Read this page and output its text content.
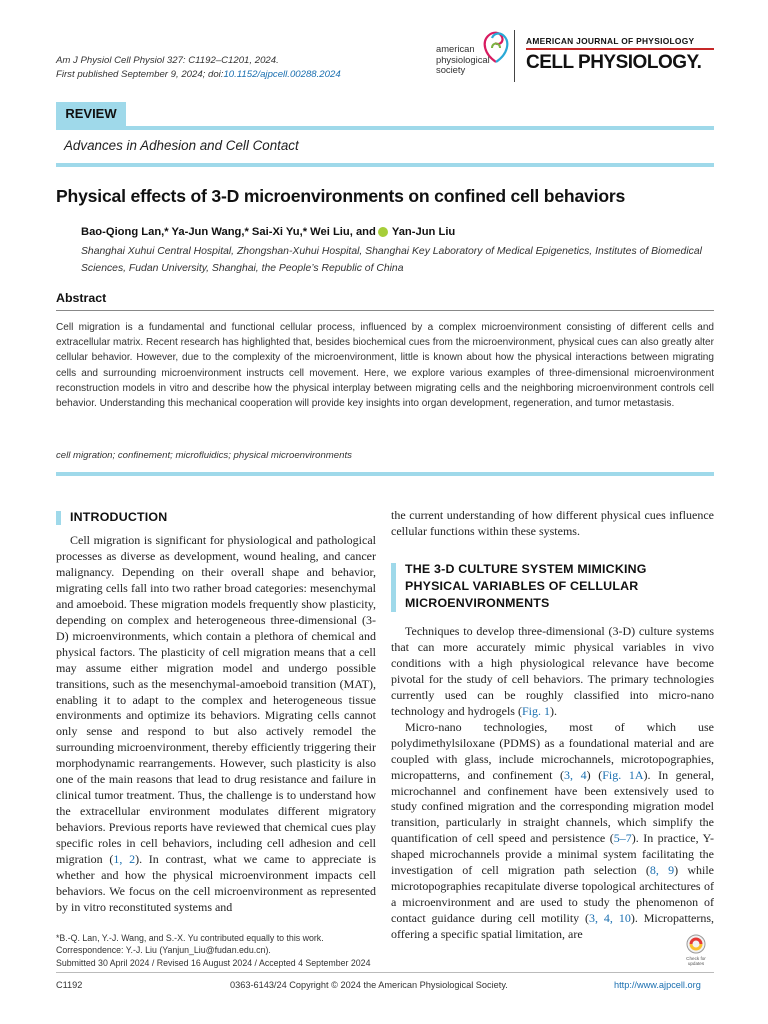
Am J Physiol Cell Physiol 327: C1192–C1201, 2024.
First published September 9, 2024; doi:10.1152/ajpcell.00288.2024
american
physiological
society
AMERICAN JOURNAL OF PHYSIOLOGY
CELL PHYSIOLOGY.
REVIEW
Advances in Adhesion and Cell Contact
Physical effects of 3-D microenvironments on confined cell behaviors
Bao-Qiong Lan,* Ya-Jun Wang,* Sai-Xi Yu,* Wei Liu, and Yan-Jun Liu
Shanghai Xuhui Central Hospital, Zhongshan-Xuhui Hospital, Shanghai Key Laboratory of Medical Epigenetics, Institutes of Biomedical Sciences, Fudan University, Shanghai, the People’s Republic of China
Abstract
Cell migration is a fundamental and functional cellular process, influenced by a complex microenvironment consisting of different cells and extracellular matrix. Recent research has highlighted that, besides biochemical cues from the microenvironment, physical cues can also greatly alter cellular behavior. However, due to the complexity of the microenvironment, little is known about how the physical interactions between migrating cells and surrounding microenvironment instructs cell movement. Here, we explore various examples of three-dimensional microenvironment reconstruction models in vitro and describe how the physical interplay between migrating cells and the neighboring microenvironment controls cell behavior. Understanding this mechanical cooperation will provide key insights into organ development, regeneration, and tumor metastasis.
cell migration; confinement; microfluidics; physical microenvironments
INTRODUCTION

Cell migration is significant for physiological and pathological processes as diverse as development, wound healing, and cancer malignancy. Depending on their overall shape and behavior, migrating cells fall into two rather broad categories: mesenchymal and amoeboid. These migration models frequently show plasticity, depending on complex and heterogeneous three-dimensional (3-D) microenvironments, which contain a plethora of chemical and physical factors. The plasticity of cell migration means that a cell may assume either migration model and undergo possible transitions, such as the mesenchymal-amoeboid transition (MAT), enabling it to adapt to the complex and heterogeneous tissue environments and optimize its behaviors. Migrating cells cannot only sense and respond to but also actively remodel the surrounding microenvironment, thereby efficiently triggering their morphodynamic rearrangements. However, such plasticity is also one of the main reasons that lead to drug resistance and failure in clinical tumor treatment. Thus, the challenge is to understand how the extracellular environment modulates different migratory behaviors. Previous reports have reviewed that chemical cues play specific roles in cell behaviors, including cell adhesion and cell migration (1, 2). In contrast, what we came to appreciate is whether and how the physical microenvironment impacts cell behaviors. We focus on the cell microenvironment as represented by in vitro reconstituted systems and

the current understanding of how different physical cues influence cellular functions within these systems.

THE 3-D CULTURE SYSTEM MIMICKING
PHYSICAL VARIABLES OF CELLULAR
MICROENVIRONMENTS

Techniques to develop three-dimensional (3-D) culture systems that can more accurately mimic physical variables in vivo conditions with a high physiological relevance have become pivotal for the study of cell behaviors. The primary technologies currently used can be roughly classified into micro-nano technology and hydrogels (Fig. 1).

Micro-nano technologies, most of which use polydimethylsiloxane (PDMS) as a foundational material and are coupled with glass, include microchannels, microtopographies, micropatterns, and confinement (3, 4) (Fig. 1A). In general, microchannel and confinement have been extensively used to study confined migration and the corresponding migration model transition, particularly in straight channels, which simplify the quantification of cell speed and persistence (5–7). In practice, Y-shaped microchannels provide a minimal system facilitating the investigation of cell migration path selection (8, 9) while microtopographies recapitulate diverse topological architectures of a microenvironment and are used to study the phenomenon of contact guidance during cell motility (3, 4, 10). Micropatterns, offering a specific spatial limitation, are

*B.-Q. Lan, Y.-J. Wang, and S.-X. Yu contributed equally to this work.
Correspondence: Y.-J. Liu (Yanjun_Liu@fudan.edu.cn).
Submitted 30 April 2024 / Revised 16 August 2024 / Accepted 4 September 2024	Check for updates
C1192	0363-6143/24 Copyright © 2024 the American Physiological Society.	http://www.ajpcell.org
